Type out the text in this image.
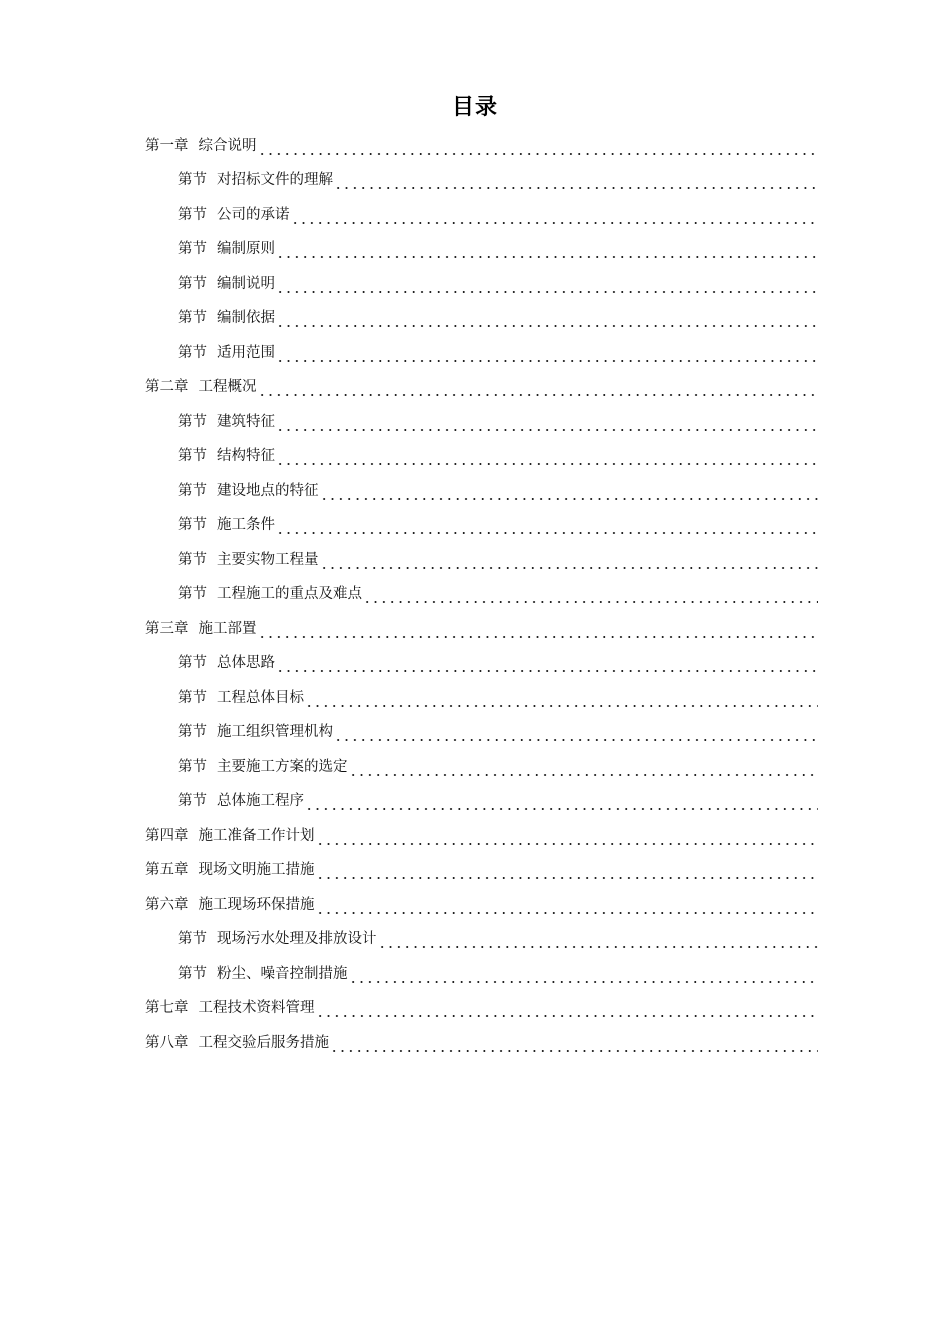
目录
第一章 综合说明
第节 对招标文件的理解
第节 公司的承诺
第节 编制原则
第节 编制说明
第节 编制依据
第节 适用范围
第二章 工程概况
第节 建筑特征
第节 结构特征
第节 建设地点的特征
第节 施工条件
第节 主要实物工程量
第节 工程施工的重点及难点
第三章 施工部置
第节 总体思路
第节 工程总体目标
第节 施工组织管理机构
第节 主要施工方案的选定
第节 总体施工程序
第四章 施工准备工作计划
第五章 现场文明施工措施
第六章 施工现场环保措施
第节 现场污水处理及排放设计
第节 粉尘、噪音控制措施
第七章 工程技术资料管理
第八章 工程交验后服务措施
